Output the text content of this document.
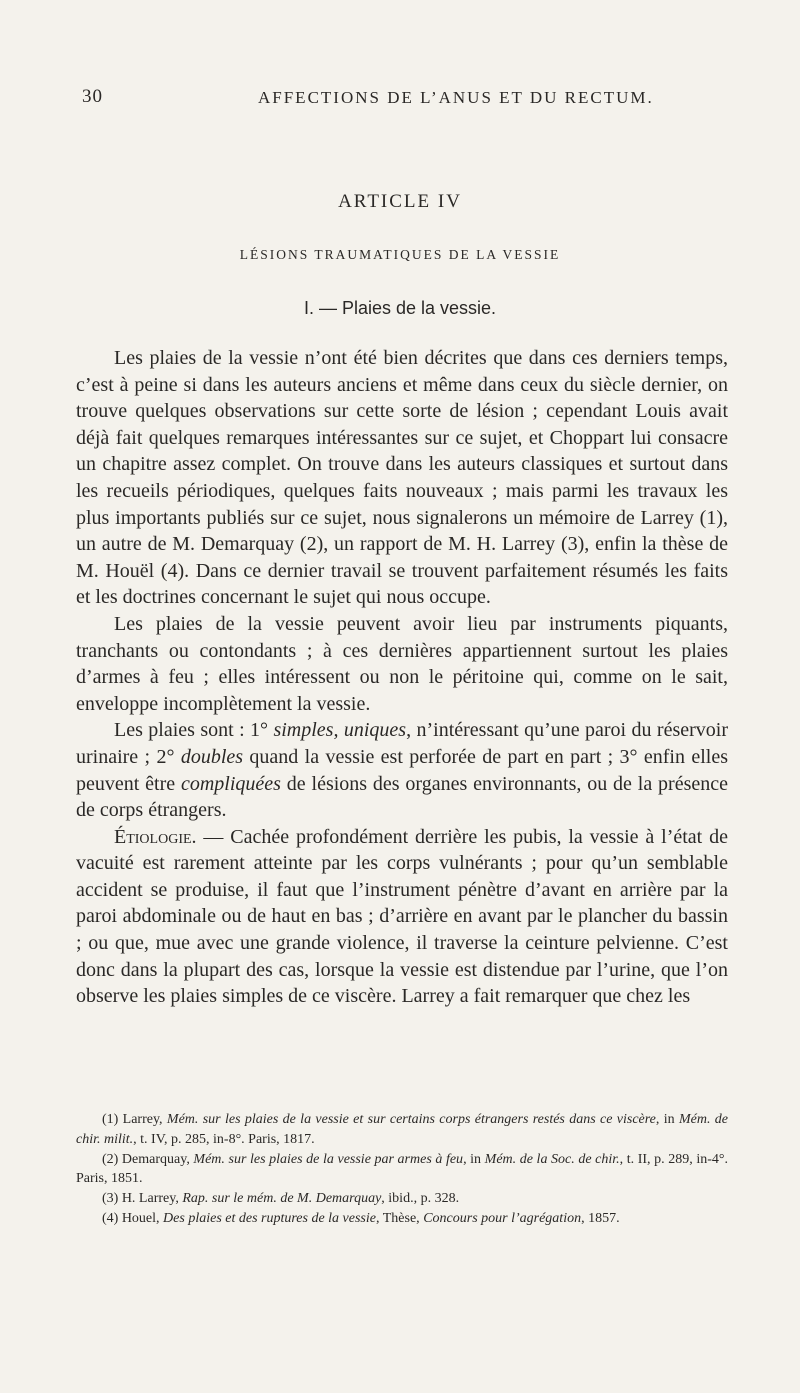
30	AFFECTIONS DE L’ANUS ET DU RECTUM.
ARTICLE IV
LÉSIONS TRAUMATIQUES DE LA VESSIE
I. — Plaies de la vessie.

Les plaies de la vessie n’ont été bien décrites que dans ces derniers temps, c’est à peine si dans les auteurs anciens et même dans ceux du siècle dernier, on trouve quelques observations sur cette sorte de lésion ; cependant Louis avait déjà fait quelques remarques intéressantes sur ce sujet, et Choppart lui consacre un chapitre assez complet. On trouve dans les auteurs classiques et surtout dans les recueils périodiques, quelques faits nouveaux ; mais parmi les travaux les plus importants publiés sur ce sujet, nous signalerons un mémoire de Larrey (1), un autre de M. Demarquay (2), un rapport de M. H. Larrey (3), enfin la thèse de M. Houël (4). Dans ce dernier travail se trouvent parfaitement résumés les faits et les doctrines concernant le sujet qui nous occupe.

Les plaies de la vessie peuvent avoir lieu par instruments piquants, tranchants ou contondants ; à ces dernières appartiennent surtout les plaies d’armes à feu ; elles intéressent ou non le péritoine qui, comme on le sait, enveloppe incomplètement la vessie.

Les plaies sont : 1° simples, uniques, n’intéressant qu’une paroi du réservoir urinaire ; 2° doubles quand la vessie est perforée de part en part ; 3° enfin elles peuvent être compliquées de lésions des organes environnants, ou de la présence de corps étrangers.

Étiologie. — Cachée profondément derrière les pubis, la vessie à l’état de vacuité est rarement atteinte par les corps vulnérants ; pour qu’un semblable accident se produise, il faut que l’instrument pénètre d’avant en arrière par la paroi abdominale ou de haut en bas ; d’arrière en avant par le plancher du bassin ; ou que, mue avec une grande violence, il traverse la ceinture pelvienne. C’est donc dans la plupart des cas, lorsque la vessie est distendue par l’urine, que l’on observe les plaies simples de ce viscère. Larrey a fait remarquer que chez les

(1) Larrey, Mém. sur les plaies de la vessie et sur certains corps étrangers restés dans ce viscère, in Mém. de chir. milit., t. IV, p. 285, in-8°. Paris, 1817.

(2) Demarquay, Mém. sur les plaies de la vessie par armes à feu, in Mém. de la Soc. de chir., t. II, p. 289, in-4°. Paris, 1851.

(3) H. Larrey, Rap. sur le mém. de M. Demarquay, ibid., p. 328.

(4) Houel, Des plaies et des ruptures de la vessie, Thèse, Concours pour l’agrégation, 1857.
